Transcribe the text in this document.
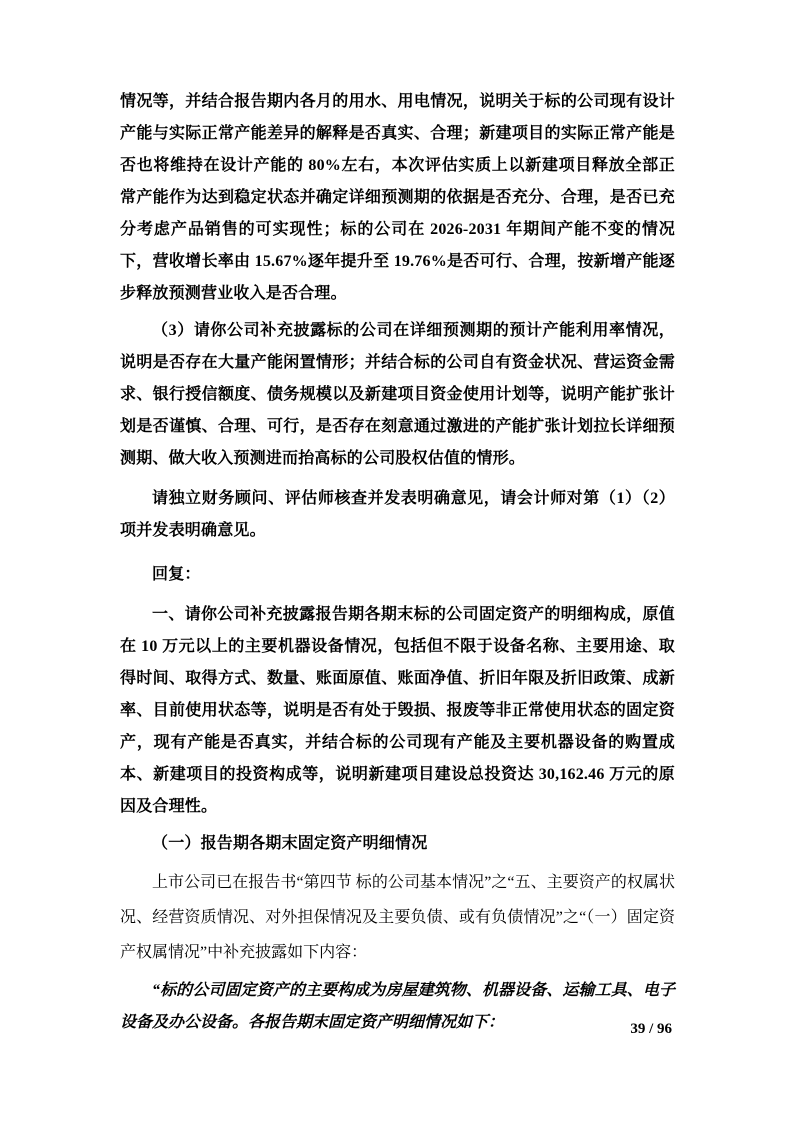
情况等，并结合报告期内各月的用水、用电情况，说明关于标的公司现有设计产能与实际正常产能差异的解释是否真实、合理；新建项目的实际正常产能是否也将维持在设计产能的 80%左右，本次评估实质上以新建项目释放全部正常产能作为达到稳定状态并确定详细预测期的依据是否充分、合理，是否已充分考虑产品销售的可实现性；标的公司在 2026-2031 年期间产能不变的情况下，营收增长率由 15.67%逐年提升至 19.76%是否可行、合理，按新增产能逐步释放预测营业收入是否合理。

（3）请你公司补充披露标的公司在详细预测期的预计产能利用率情况，说明是否存在大量产能闲置情形；并结合标的公司自有资金状况、营运资金需求、银行授信额度、债务规模以及新建项目资金使用计划等，说明产能扩张计划是否谨慎、合理、可行，是否存在刻意通过激进的产能扩张计划拉长详细预测期、做大收入预测进而抬高标的公司股权估值的情形。

请独立财务顾问、评估师核查并发表明确意见，请会计师对第（1）（2）项并发表明确意见。

回复：

一、请你公司补充披露报告期各期末标的公司固定资产的明细构成，原值在 10 万元以上的主要机器设备情况，包括但不限于设备名称、主要用途、取得时间、取得方式、数量、账面原值、账面净值、折旧年限及折旧政策、成新率、目前使用状态等，说明是否有处于毁损、报废等非正常使用状态的固定资产，现有产能是否真实，并结合标的公司现有产能及主要机器设备的购置成本、新建项目的投资构成等，说明新建项目建设总投资达 30,162.46 万元的原因及合理性。

（一）报告期各期末固定资产明细情况

上市公司已在报告书“第四节 标的公司基本情况”之“五、主要资产的权属状况、经营资质情况、对外担保情况及主要负债、或有负债情况”之“（一）固定资产权属情况”中补充披露如下内容：

“标的公司固定资产的主要构成为房屋建筑物、机器设备、运输工具、电子设备及办公设备。各报告期末固定资产明细情况如下：	39 / 96
